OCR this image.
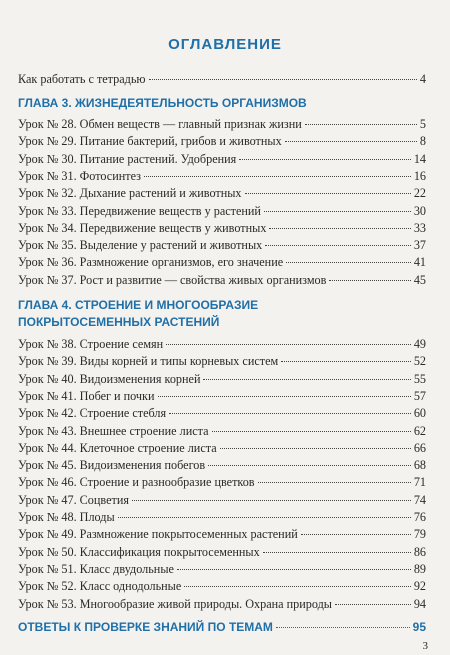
ОГЛАВЛЕНИЕ
Как работать с тетрадью	4
ГЛАВА 3. ЖИЗНЕДЕЯТЕЛЬНОСТЬ ОРГАНИЗМОВ
Урок № 28. Обмен веществ — главный признак жизни	5
Урок № 29. Питание бактерий, грибов и животных	8
Урок № 30. Питание растений. Удобрения	14
Урок № 31. Фотосинтез	16
Урок № 32. Дыхание растений и животных	22
Урок № 33. Передвижение веществ у растений	30
Урок № 34. Передвижение веществ у животных	33
Урок № 35. Выделение у растений и животных	37
Урок № 36. Размножение организмов, его значение	41
Урок № 37. Рост и развитие — свойства живых организмов	45
ГЛАВА 4. СТРОЕНИЕ И МНОГООБРАЗИЕ
ПОКРЫТОСЕМЕННЫХ РАСТЕНИЙ
Урок № 38. Строение семян	49
Урок № 39. Виды корней и типы корневых систем	52
Урок № 40. Видоизменения корней	55
Урок № 41. Побег и почки	57
Урок № 42. Строение стебля	60
Урок № 43. Внешнее строение листа	62
Урок № 44. Клеточное строение листа	66
Урок № 45. Видоизменения побегов	68
Урок № 46. Строение и разнообразие цветков	71
Урок № 47. Соцветия	74
Урок № 48. Плоды	76
Урок № 49. Размножение покрытосеменных растений	79
Урок № 50. Классификация покрытосеменных	86
Урок № 51. Класс двудольные	89
Урок № 52. Класс однодольные	92
Урок № 53. Многообразие живой природы. Охрана природы	94
ОТВЕТЫ К ПРОВЕРКЕ ЗНАНИЙ ПО ТЕМАМ	95
3
